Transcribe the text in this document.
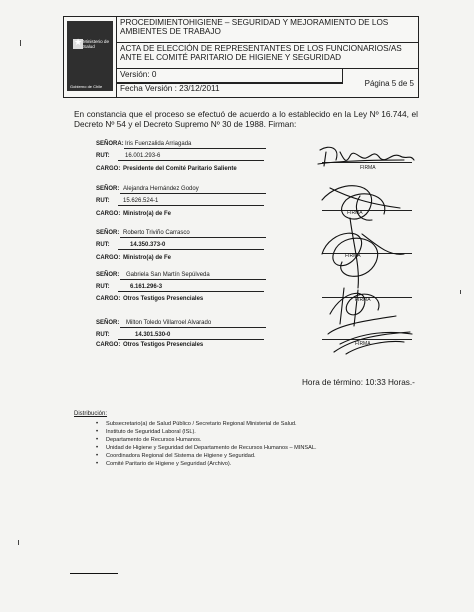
★ Ministerio de Salud
Gobierno de Chile
PROCEDIMIENTOHIGIENE – SEGURIDAD Y MEJORAMIENTO DE LOS AMBIENTES DE TRABAJO
ACTA DE ELECCIÓN DE REPRESENTANTES DE LOS FUNCIONARIOS/AS ANTE EL COMITÉ PARITARIO DE HIGIENE Y SEGURIDAD
Versión: 0
Fecha Versión : 23/12/2011
Página 5 de 5
En constancia que el proceso se efectuó de acuerdo a lo establecido en la Ley Nº 16.744, el Decreto Nº 54 y el Decreto Supremo Nº 30 de 1988. Firman:
SEÑORA: Iris Fuenzalida Arriagada
RUT:	16.001.293-6
CARGO: Presidente del Comité Paritario Saliente
SEÑOR: Alejandra Hernández Godoy
RUT: 15.626.524-1
CARGO: Ministro(a) de Fe
SEÑOR: Roberto Triviño Carrasco
RUT:	14.350.373-0
CARGO: Ministro(a) de Fe
SEÑOR: Gabriela San Martín Sepúlveda
RUT:	6.161.296-3
CARGO: Otros Testigos Presenciales
SEÑOR: Milton Toledo Villarroel Alvarado
RUT:	14.301.530-0
CARGO: Otros Testigos Presenciales
FIRMA
FIRMA
FIRMA
FIRMA
FIRMA
Hora de término: 10:33 Horas.-
Distribución:
• Subsecretario(a) de Salud Público / Secretario Regional Ministerial de Salud.
• Instituto de Seguridad Laboral (ISL).
• Departamento de Recursos Humanos.
• Unidad de Higiene y Seguridad del Departamento de Recursos Humanos – MINSAL.
• Coordinadora Regional del Sistema de Higiene y Seguridad.
• Comité Paritario de Higiene y Seguridad (Archivo).
